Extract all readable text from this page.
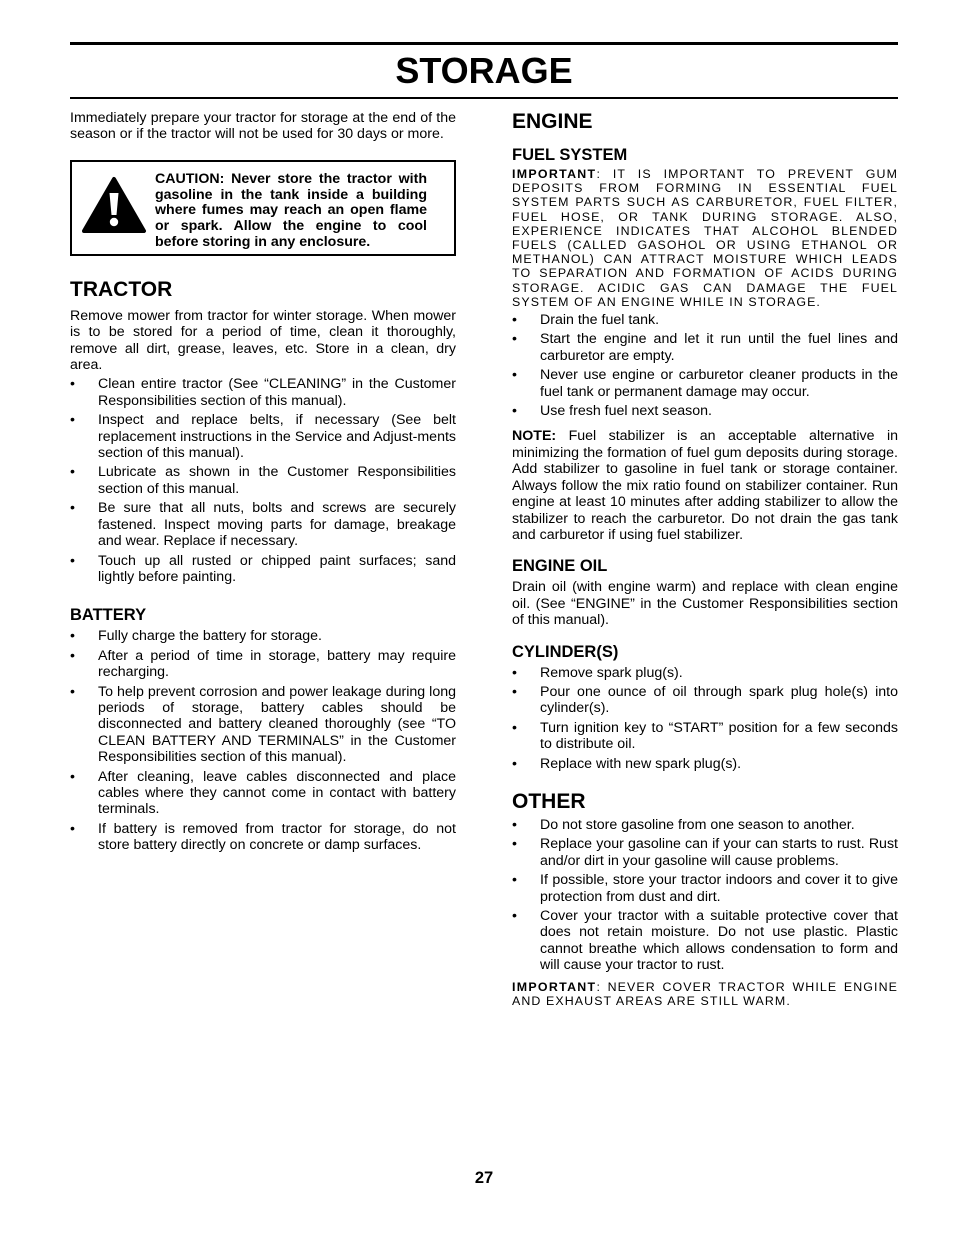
STORAGE

Immediately prepare your tractor for storage at the end of the season or if the tractor will not be used for 30 days or more.

CAUTION: Never store the tractor with gasoline in the tank inside a building where fumes may reach an open flame or spark. Allow the engine to cool before storing in any enclosure.

TRACTOR

Remove mower from tractor for winter storage. When mower is to be stored for a period of time, clean it thoroughly, remove all dirt, grease, leaves, etc. Store in a clean, dry area.

• Clean entire tractor (See “CLEANING” in the Customer Responsibilities section of this manual).
• Inspect and replace belts, if necessary (See belt replacement instructions in the Service and Adjust-ments section of this manual).
• Lubricate as shown in the Customer Responsibilities section of this manual.
• Be sure that all nuts, bolts and screws are securely fastened. Inspect moving parts for damage, breakage and wear. Replace if necessary.
• Touch up all rusted or chipped paint surfaces; sand lightly before painting.
BATTERY
• Fully charge the battery for storage.
• After a period of time in storage, battery may require recharging.
• To help prevent corrosion and power leakage during long periods of storage, battery cables should be disconnected and battery cleaned thoroughly (see “TO CLEAN BATTERY AND TERMINALS” in the Customer Responsibilities section of this manual).
• After cleaning, leave cables disconnected and place cables where they cannot come in contact with battery terminals.
• If battery is removed from tractor for storage, do not store battery directly on concrete or damp surfaces.
ENGINE
FUEL SYSTEM

IMPORTANT: IT IS IMPORTANT TO PREVENT GUM DEPOSITS FROM FORMING IN ESSENTIAL FUEL SYSTEM PARTS SUCH AS CARBURETOR, FUEL FILTER, FUEL HOSE, OR TANK DURING STORAGE. ALSO, EXPERIENCE INDICATES THAT ALCOHOL BLENDED FUELS (CALLED GASOHOL OR USING ETHANOL OR METHANOL) CAN ATTRACT MOISTURE WHICH LEADS TO SEPARATION AND FORMATION OF ACIDS DURING STORAGE. ACIDIC GAS CAN DAMAGE THE FUEL SYSTEM OF AN ENGINE WHILE IN STORAGE.

• Drain the fuel tank.
• Start the engine and let it run until the fuel lines and carburetor are empty.
• Never use engine or carburetor cleaner products in the fuel tank or permanent damage may occur.
• Use fresh fuel next season.

NOTE: Fuel stabilizer is an acceptable alternative in minimizing the formation of fuel gum deposits during storage. Add stabilizer to gasoline in fuel tank or storage container. Always follow the mix ratio found on stabilizer container. Run engine at least 10 minutes after adding stabilizer to allow the stabilizer to reach the carburetor. Do not drain the gas tank and carburetor if using fuel stabilizer.

ENGINE OIL

Drain oil (with engine warm) and replace with clean engine oil. (See “ENGINE” in the Customer Responsibilities section of this manual).

CYLINDER(S)
• Remove spark plug(s).
• Pour one ounce of oil through spark plug hole(s) into cylinder(s).
• Turn ignition key to “START” position for a few seconds to distribute oil.
• Replace with new spark plug(s).
OTHER
• Do not store gasoline from one season to another.
• Replace your gasoline can if your can starts to rust. Rust and/or dirt in your gasoline will cause problems.
• If possible, store your tractor indoors and cover it to give protection from dust and dirt.
• Cover your tractor with a suitable protective cover that does not retain moisture. Do not use plastic. Plastic cannot breathe which allows condensation to form and will cause your tractor to rust.

IMPORTANT: NEVER COVER TRACTOR WHILE ENGINE AND EXHAUST AREAS ARE STILL WARM.

27
